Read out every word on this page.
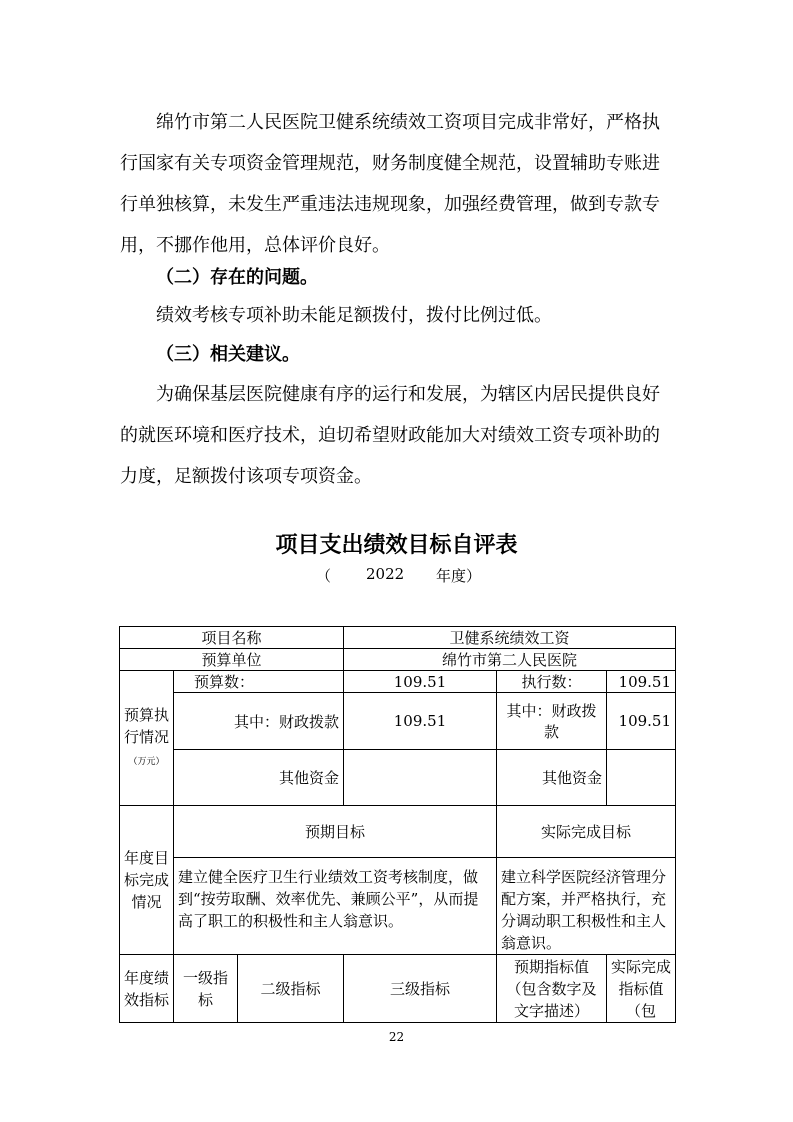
绵竹市第二人民医院卫健系统绩效工资项目完成非常好，严格执行国家有关专项资金管理规范，财务制度健全规范，设置辅助专账进行单独核算，未发生严重违法违规现象，加强经费管理，做到专款专用，不挪作他用，总体评价良好。

（二）存在的问题。

绩效考核专项补助未能足额拨付，拨付比例过低。

（三）相关建议。

为确保基层医院健康有序的运行和发展，为辖区内居民提供良好的就医环境和医疗技术，迫切希望财政能加大对绩效工资专项补助的力度，足额拨付该项专项资金。

项目支出绩效目标自评表
（ 2022 年度）
项目名称			卫健系统绩效工资		
预算单位			绵竹市第二人民医院		
预算执行情况
（万元）	预算数：		109.51	执行数：	109.51
	其中：财政拨款		109.51	其中：财政拨款	109.51
	其他资金			其他资金	
年度目标完成情况	预期目标			实际完成目标	
	建立健全医疗卫生行业绩效工资考核制度，做到“按劳取酬、效率优先、兼顾公平”，从而提高了职工的积极性和主人翁意识。			建立科学医院经济管理分配方案，并严格执行，充分调动职工积极性和主人翁意识。	
年度绩效指标	一级指标	二级指标	三级指标	预期指标值（包含数字及文字描述）	实际完成指标值（包
22
